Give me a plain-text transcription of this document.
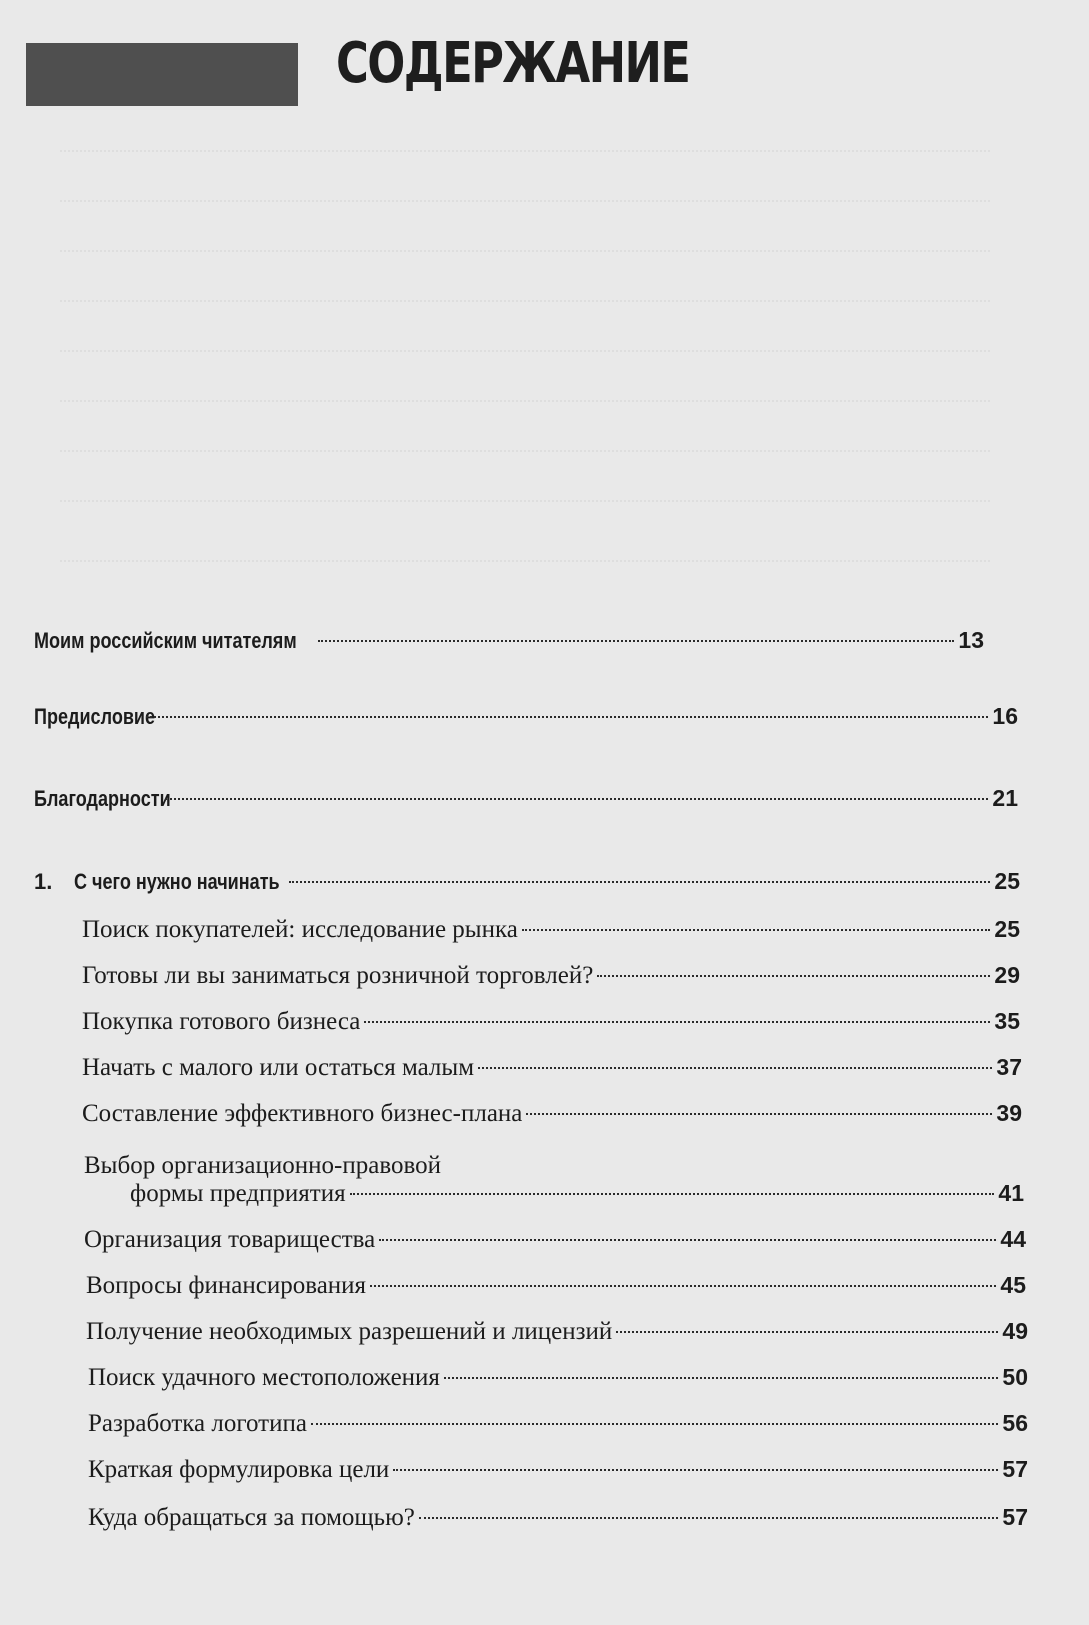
СОДЕРЖАНИЕ
Моим российским читателям	13
Предисловие	16
Благодарности	21
1. С чего нужно начинать	25
Поиск покупателей: исследование рынка	25
Готовы ли вы заниматься розничной торговлей?	29
Покупка готового бизнеса	35
Начать с малого или остаться малым	37
Составление эффективного бизнес-плана	39
Выбор организационно-правовой
формы предприятия	41
Организация товарищества	44
Вопросы финансирования	45
Получение необходимых разрешений и лицензий	49
Поиск удачного местоположения	50
Разработка логотипа	56
Краткая формулировка цели	57
Куда обращаться за помощью?	57
